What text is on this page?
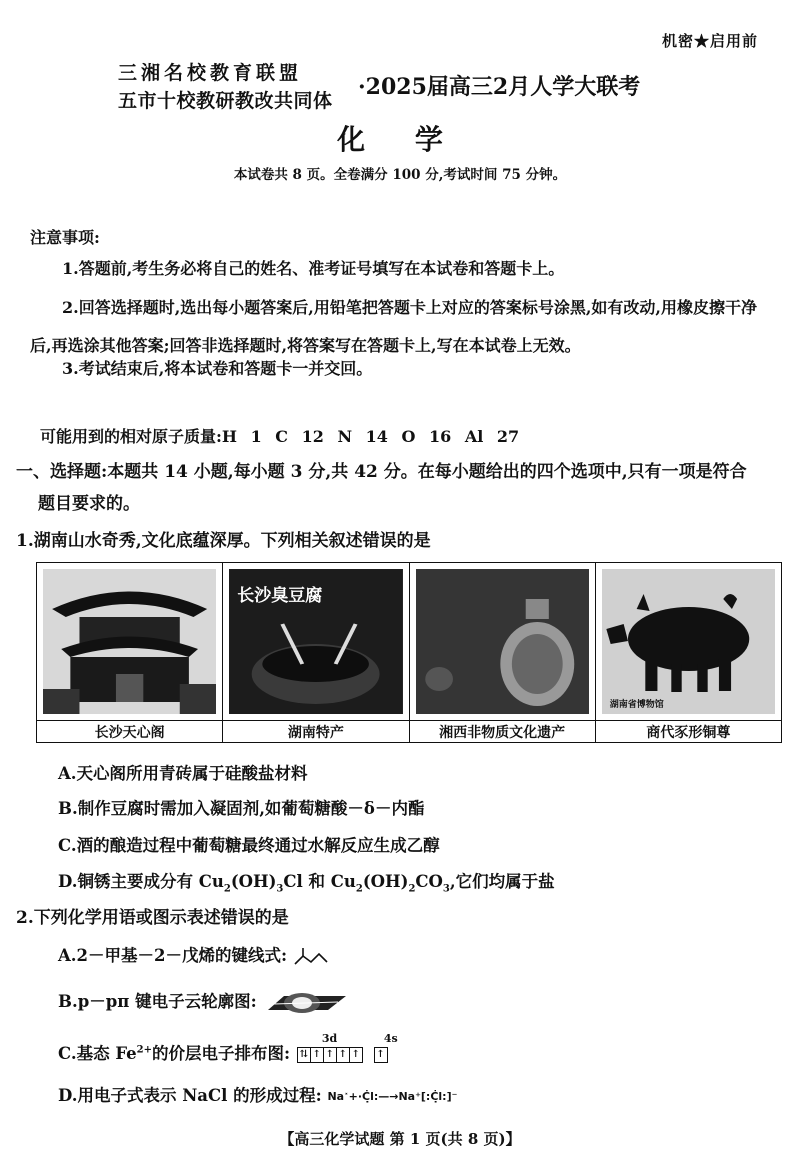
机密★启用前
三湘名校教育联盟
五市十校教研教改共同体
·2025届高三2月人学大联考
化 学
本试卷共 8 页。全卷满分 100 分,考试时间 75 分钟。
注意事项:
1.答题前,考生务必将自己的姓名、准考证号填写在本试卷和答题卡上。
2.回答选择题时,选出每小题答案后,用铅笔把答题卡上对应的答案标号涂黑,如有改动,用橡皮擦干净后,再选涂其他答案;回答非选择题时,将答案写在答题卡上,写在本试卷上无效。
3.考试结束后,将本试卷和答题卡一并交回。
可能用到的相对原子质量:H 1 C 12 N 14 O 16 Al 27
一、选择题:本题共 14 小题,每小题 3 分,共 42 分。在每小题给出的四个选项中,只有一项是符合
题目要求的。
1.湖南山水奇秀,文化底蕴深厚。下列相关叙述错误的是
长沙天心阁
长沙臭豆腐
湖南特产	湘西非物质文化遗产
湖南省博物馆
商代豕形铜尊
A.天心阁所用青砖属于硅酸盐材料
B.制作豆腐时需加入凝固剂,如葡萄糖酸－δ－内酯
C.酒的酿造过程中葡萄糖最终通过水解反应生成乙醇
D.铜锈主要成分有 $Cu_2(OH)_3Cl$ 和 $Cu_2(OH)_2CO_3$,它们均属于盐
2.下列化学用语或图示表述错误的是
A.2－甲基－2－戊烯的键线式:
B.p－pπ 键电子云轮廓图:
C.基态 $Fe^{2+}$的价层电子排布图:
3d	4s
⇅ ↑ ↑ ↑ ↑
↑
D.用电子式表示 NaCl 的形成过程: Na˟+·Ċ̣l:—→Na⁺[:Ċ̣l:]⁻
【高三化学试题 第 1 页(共 8 页)】
